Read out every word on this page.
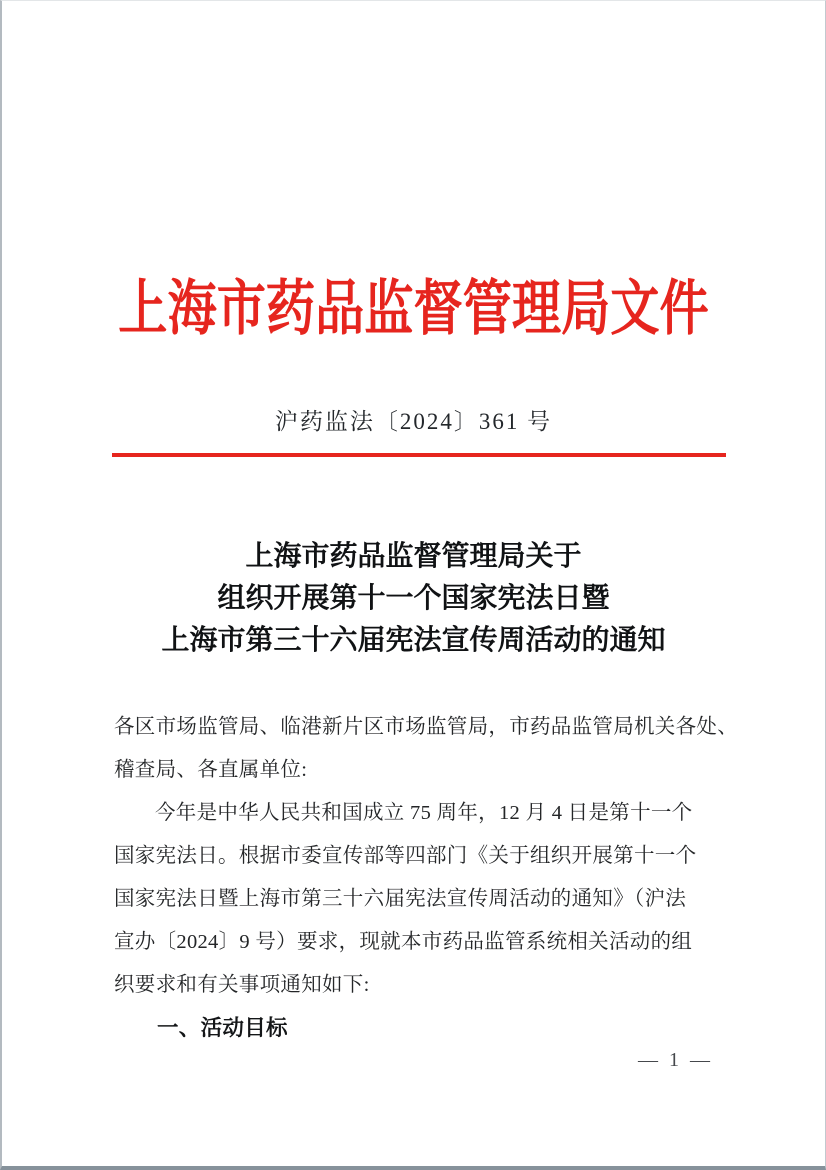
上海市药品监督管理局文件
沪药监法〔2024〕361 号
上海市药品监督管理局关于
组织开展第十一个国家宪法日暨
上海市第三十六届宪法宣传周活动的通知
各区市场监管局、临港新片区市场监管局，市药品监管局机关各处、
稽查局、各直属单位:
今年是中华人民共和国成立 75 周年，12 月 4 日是第十一个
国家宪法日。根据市委宣传部等四部门《关于组织开展第十一个
国家宪法日暨上海市第三十六届宪法宣传周活动的通知》（沪法
宣办〔2024〕9 号）要求，现就本市药品监管系统相关活动的组
织要求和有关事项通知如下:
一、活动目标
— 1 —
